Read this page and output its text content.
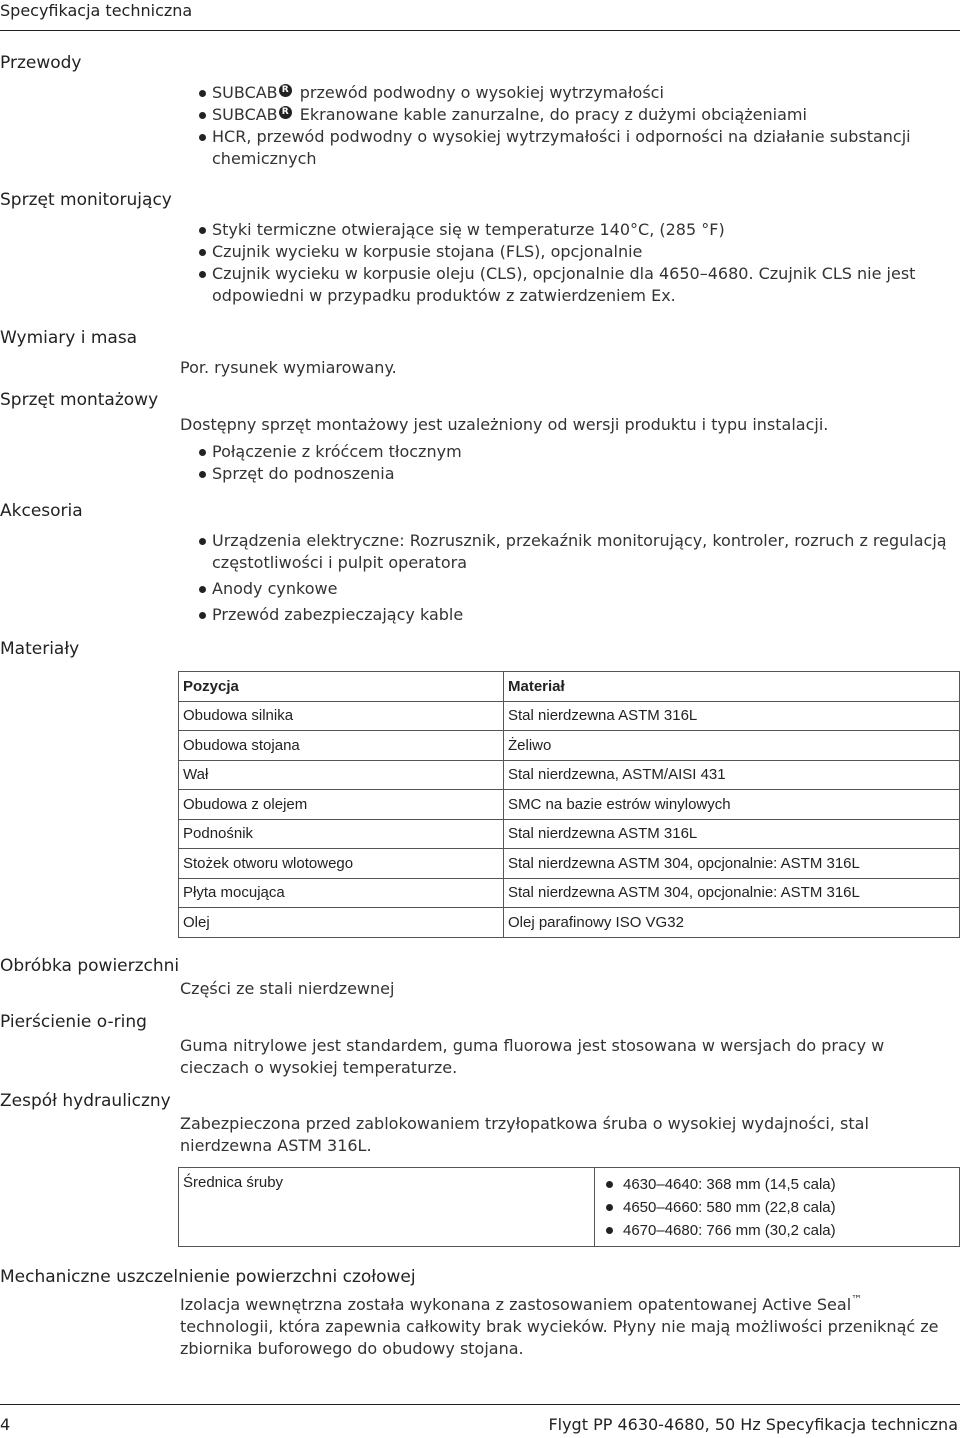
Specyfikacja techniczna
Przewody
SUBCAB R przewód podwodny o wysokiej wytrzymałości
SUBCAB R Ekranowane kable zanurzalne, do pracy z dużymi obciążeniami
HCR, przewód podwodny o wysokiej wytrzymałości i odporności na działanie substancji chemicznych
Sprzęt monitorujący
Styki termiczne otwierające się w temperaturze 140°C, (285 °F)
Czujnik wycieku w korpusie stojana (FLS), opcjonalnie
Czujnik wycieku w korpusie oleju (CLS), opcjonalnie dla 4650–4680. Czujnik CLS nie jest odpowiedni w przypadku produktów z zatwierdzeniem Ex.
Wymiary i masa
Por. rysunek wymiarowany.
Sprzęt montażowy
Dostępny sprzęt montażowy jest uzależniony od wersji produktu i typu instalacji.
Połączenie z króćcem tłocznym
Sprzęt do podnoszenia
Akcesoria
Urządzenia elektryczne: Rozrusznik, przekaźnik monitorujący, kontroler, rozruch z regulacją częstotliwości i pulpit operatora
Anody cynkowe
Przewód zabezpieczający kable
Materiały
Pozycja	Materiał
Obudowa silnika	Stal nierdzewna ASTM 316L
Obudowa stojana	Żeliwo
Wał	Stal nierdzewna, ASTM/AISI 431
Obudowa z olejem	SMC na bazie estrów winylowych
Podnośnik	Stal nierdzewna ASTM 316L
Stożek otworu wlotowego	Stal nierdzewna ASTM 304, opcjonalnie: ASTM 316L
Płyta mocująca	Stal nierdzewna ASTM 304, opcjonalnie: ASTM 316L
Olej	Olej parafinowy ISO VG32
Obróbka powierzchni
Części ze stali nierdzewnej
Pierścienie o-ring
Guma nitrylowe jest standardem, guma fluorowa jest stosowana w wersjach do pracy w cieczach o wysokiej temperaturze.
Zespół hydrauliczny
Zabezpieczona przed zablokowaniem trzyłopatkowa śruba o wysokiej wydajności, stal nierdzewna ASTM 316L.
Średnica śruby	4630–4640: 368 mm (14,5 cala)
4650–4660: 580 mm (22,8 cala)
4670–4680: 766 mm (30,2 cala)
Mechaniczne uszczelnienie powierzchni czołowej
Izolacja wewnętrzna została wykonana z zastosowaniem opatentowanej Active Seal™ technologii, która zapewnia całkowity brak wycieków. Płyny nie mają możliwości przeniknąć ze zbiornika buforowego do obudowy stojana.
4	Flygt PP 4630-4680, 50 Hz Specyfikacja techniczna
